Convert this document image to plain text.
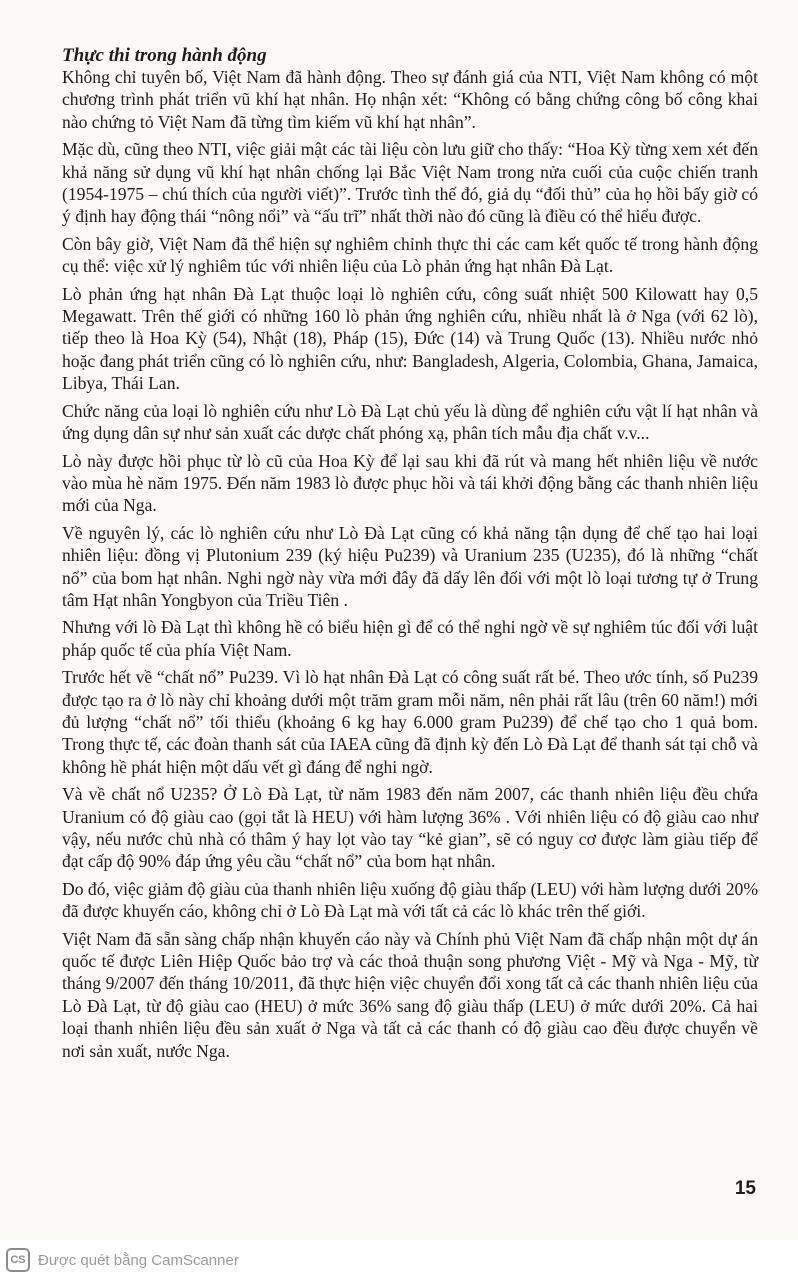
Thực thi trong hành động

Không chỉ tuyên bố, Việt Nam đã hành động. Theo sự đánh giá của NTI, Việt Nam không có một chương trình phát triển vũ khí hạt nhân. Họ nhận xét: “Không có bằng chứng công bố công khai nào chứng tỏ Việt Nam đã từng tìm kiếm vũ khí hạt nhân”.

Mặc dù, cũng theo NTI, việc giải mật các tài liệu còn lưu giữ cho thấy: “Hoa Kỳ từng xem xét đến khả năng sử dụng vũ khí hạt nhân chống lại Bắc Việt Nam trong nửa cuối của cuộc chiến tranh (1954-1975 – chú thích của người viết)”. Trước tình thế đó, giả dụ “đối thủ” của họ hồi bấy giờ có ý định hay động thái “nông nổi” và “ấu trĩ” nhất thời nào đó cũng là điều có thể hiểu được.

Còn bây giờ, Việt Nam đã thể hiện sự nghiêm chỉnh thực thi các cam kết quốc tế trong hành động cụ thể: việc xử lý nghiêm túc với nhiên liệu của Lò phản ứng hạt nhân Đà Lạt.

Lò phản ứng hạt nhân Đà Lạt thuộc loại lò nghiên cứu, công suất nhiệt 500 Kilowatt hay 0,5 Megawatt. Trên thế giới có những 160 lò phản ứng nghiên cứu, nhiều nhất là ở Nga (với 62 lò), tiếp theo là Hoa Kỳ (54), Nhật (18), Pháp (15), Đức (14) và Trung Quốc (13). Nhiều nước nhỏ hoặc đang phát triển cũng có lò nghiên cứu, như: Bangladesh, Algeria, Colombia, Ghana, Jamaica, Libya, Thái Lan.

Chức năng của loại lò nghiên cứu như Lò Đà Lạt chủ yếu là dùng để nghiên cứu vật lí hạt nhân và ứng dụng dân sự như sản xuất các dược chất phóng xạ, phân tích mẫu địa chất v.v...

Lò này được hồi phục từ lò cũ của Hoa Kỳ để lại sau khi đã rút và mang hết nhiên liệu về nước vào mùa hè năm 1975. Đến năm 1983 lò được phục hồi và tái khởi động bằng các thanh nhiên liệu mới của Nga.

Về nguyên lý, các lò nghiên cứu như Lò Đà Lạt cũng có khả năng tận dụng để chế tạo hai loại nhiên liệu: đồng vị Plutonium 239 (ký hiệu Pu239) và Uranium 235 (U235), đó là những “chất nổ” của bom hạt nhân. Nghi ngờ này vừa mới đây đã dấy lên đối với một lò loại tương tự ở Trung tâm Hạt nhân Yongbyon của Triều Tiên .

Nhưng với lò Đà Lạt thì không hề có biểu hiện gì để có thể nghi ngờ về sự nghiêm túc đối với luật pháp quốc tế của phía Việt Nam.

Trước hết về “chất nổ” Pu239. Vì lò hạt nhân Đà Lạt có công suất rất bé. Theo ước tính, số Pu239 được tạo ra ở lò này chỉ khoảng dưới một trăm gram mỗi năm, nên phải rất lâu (trên 60 năm!) mới đủ lượng “chất nổ” tối thiểu (khoảng 6 kg hay 6.000 gram Pu239) để chế tạo cho 1 quả bom. Trong thực tế, các đoàn thanh sát của IAEA cũng đã định kỳ đến Lò Đà Lạt để thanh sát tại chỗ và không hề phát hiện một dấu vết gì đáng để nghi ngờ.

Và về chất nổ U235? Ở Lò Đà Lạt, từ năm 1983 đến năm 2007, các thanh nhiên liệu đều chứa Uranium có độ giàu cao (gọi tắt là HEU) với hàm lượng 36% . Với nhiên liệu có độ giàu cao như vậy, nếu nước chủ nhà có thâm ý hay lọt vào tay “kẻ gian”, sẽ có nguy cơ được làm giàu tiếp để đạt cấp độ 90% đáp ứng yêu cầu “chất nổ” của bom hạt nhân.

Do đó, việc giảm độ giàu của thanh nhiên liệu xuống độ giàu thấp (LEU) với hàm lượng dưới 20% đã được khuyến cáo, không chỉ ở Lò Đà Lạt mà với tất cả các lò khác trên thế giới.

Việt Nam đã sẵn sàng chấp nhận khuyến cáo này và Chính phủ Việt Nam đã chấp nhận một dự án quốc tế được Liên Hiệp Quốc bảo trợ và các thoả thuận song phương Việt - Mỹ và Nga - Mỹ, từ tháng 9/2007 đến tháng 10/2011, đã thực hiện việc chuyển đổi xong tất cả các thanh nhiên liệu của Lò Đà Lạt, từ độ giàu cao (HEU) ở mức 36% sang độ giàu thấp (LEU) ở mức dưới 20%. Cả hai loại thanh nhiên liệu đều sản xuất ở Nga và tất cả các thanh có độ giàu cao đều được chuyển về nơi sản xuất, nước Nga.

15
CS Được quét bằng CamScanner
